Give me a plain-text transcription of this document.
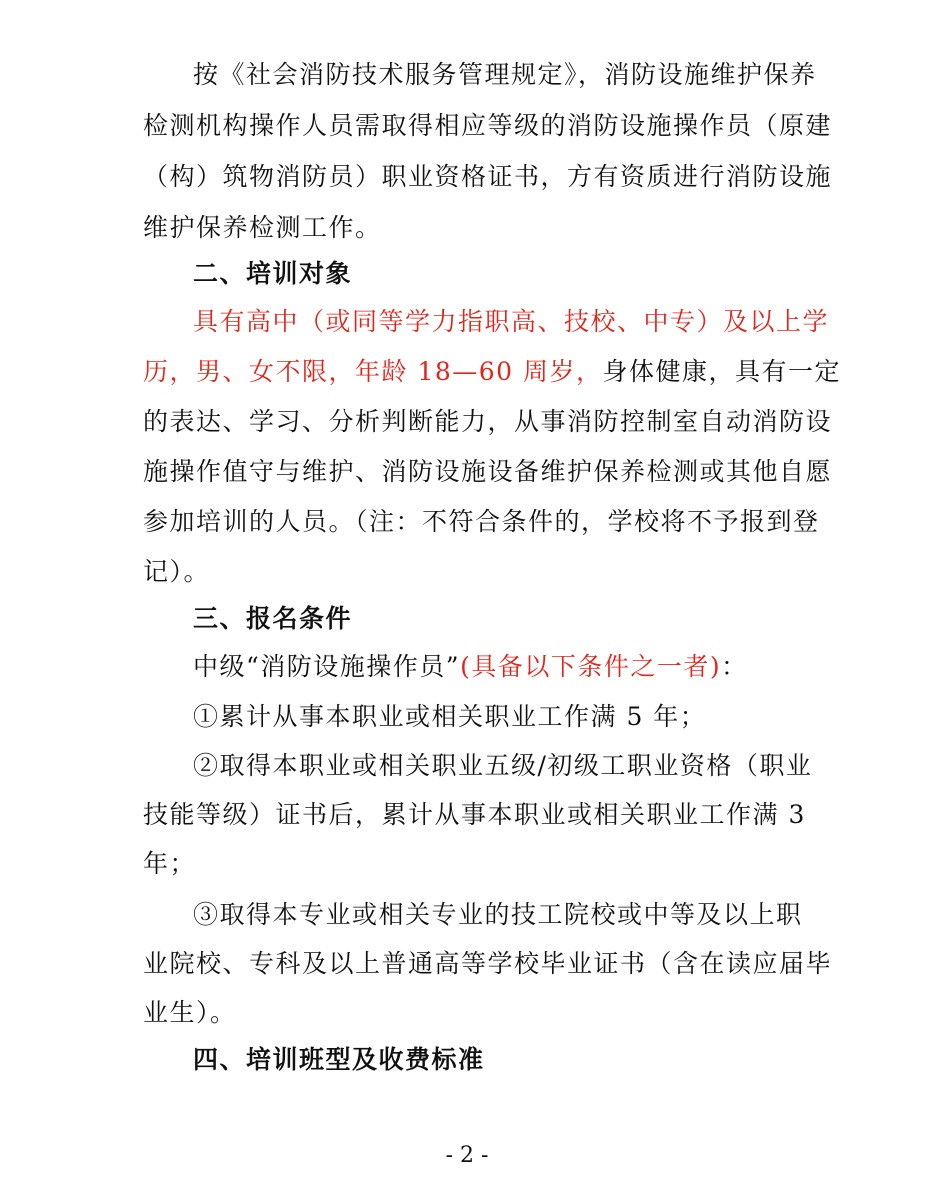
按《社会消防技术服务管理规定》，消防设施维护保养
检测机构操作人员需取得相应等级的消防设施操作员（原建
（构）筑物消防员）职业资格证书，方有资质进行消防设施
维护保养检测工作。
二、培训对象
具有高中（或同等学力指职高、技校、中专）及以上学
历，男、女不限，年龄 18—60 周岁，身体健康，具有一定
的表达、学习、分析判断能力，从事消防控制室自动消防设
施操作值守与维护、消防设施设备维护保养检测或其他自愿
参加培训的人员。（注：不符合条件的，学校将不予报到登
记）。
三、报名条件
中级“消防设施操作员”(具备以下条件之一者)：
①累计从事本职业或相关职业工作满 5 年；
②取得本职业或相关职业五级/初级工职业资格（职业
技能等级）证书后，累计从事本职业或相关职业工作满 3
年；
③取得本专业或相关专业的技工院校或中等及以上职
业院校、专科及以上普通高等学校毕业证书（含在读应届毕
业生）。
四、培训班型及收费标准
- 2 -
